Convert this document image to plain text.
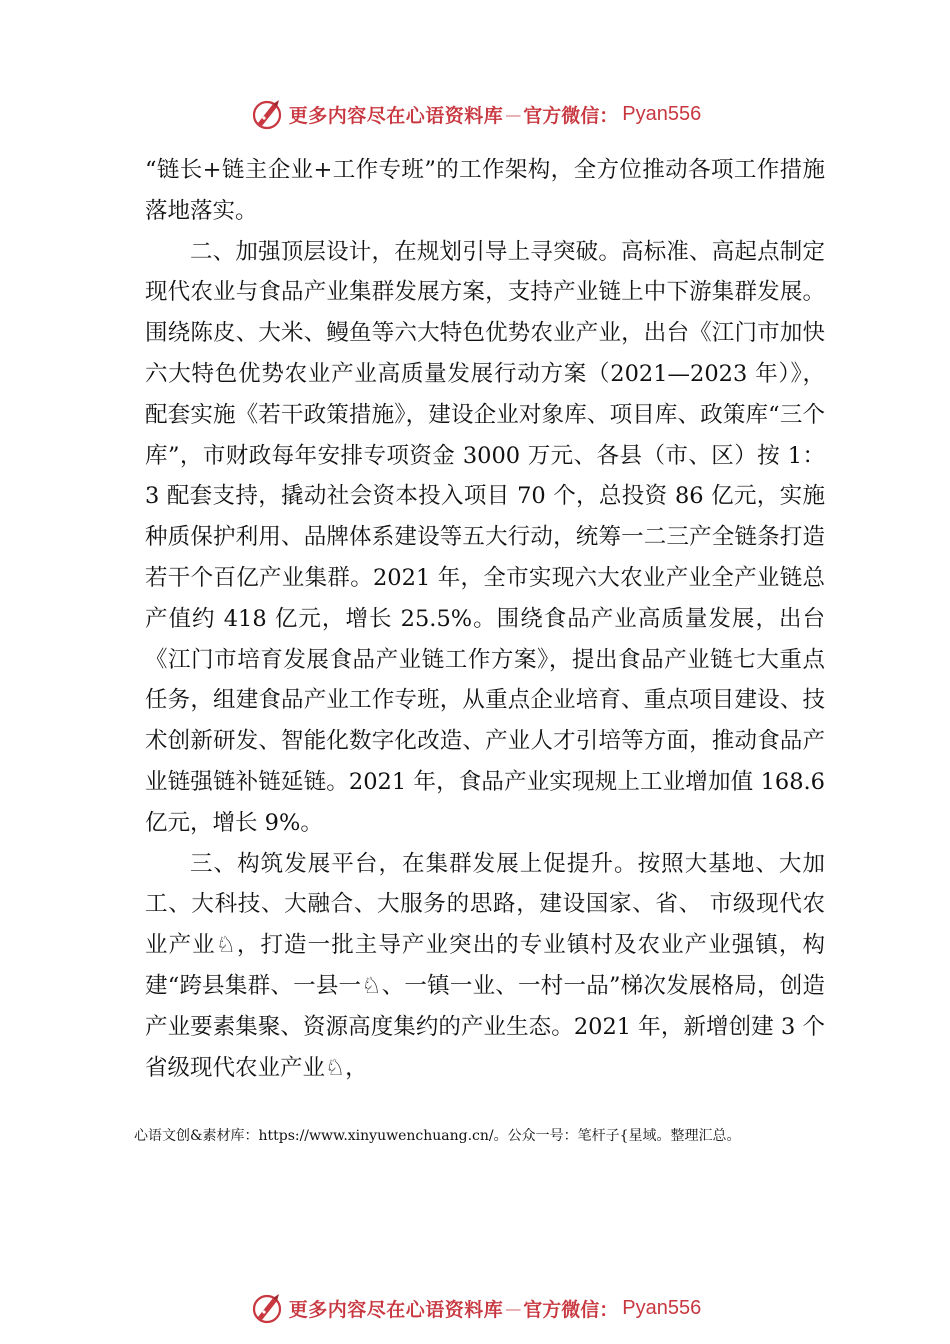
更多内容尽在心语资料库 — 官方微信： Pyan556

“链长+链主企业+工作专班”的工作架构，全方位推动各项工作措施落地落实。

二、加强顶层设计，在规划引导上寻突破。高标准、高起点制定现代农业与食品产业集群发展方案，支持产业链上中下游集群发展。围绕陈皮、大米、鳗鱼等六大特色优势农业产业，出台《江门市加快六大特色优势农业产业高质量发展行动方案（2021—2023 年）》，配套实施《若干政策措施》，建设企业对象库、项目库、政策库“三个库”，市财政每年安排专项资金 3000 万元、各县（市、区）按 1：3 配套支持，撬动社会资本投入项目 70 个，总投资 86 亿元，实施种质保护利用、品牌体系建设等五大行动，统筹一二三产全链条打造若干个百亿产业集群。2021 年，全市实现六大农业产业全产业链总产值约 418 亿元，增长 25.5%。围绕食品产业高质量发展，出台《江门市培育发展食品产业链工作方案》，提出食品产业链七大重点任务，组建食品产业工作专班，从重点企业培育、重点项目建设、技术创新研发、智能化数字化改造、产业人才引培等方面，推动食品产业链强链补链延链。2021 年，食品产业实现规上工业增加值 168.6 亿元，增长 9%。

三、构筑发展平台，在集群发展上促提升。按照大基地、大加工、大科技、大融合、大服务的思路，建设国家、省、 市级现代农业产业♘，打造一批主导产业突出的专业镇村及农业产业强镇，构建“跨县集群、一县一♘、一镇一业、一村一品”梯次发展格局，创造产业要素集聚、资源高度集约的产业生态。2021 年，新增创建 3 个省级现代农业产业♘，

心语文创&素材库：https://www.xinyuwenchuang.cn/。公众一号：笔杆子{星域。整理汇总。
更多内容尽在心语资料库 — 官方微信： Pyan556
